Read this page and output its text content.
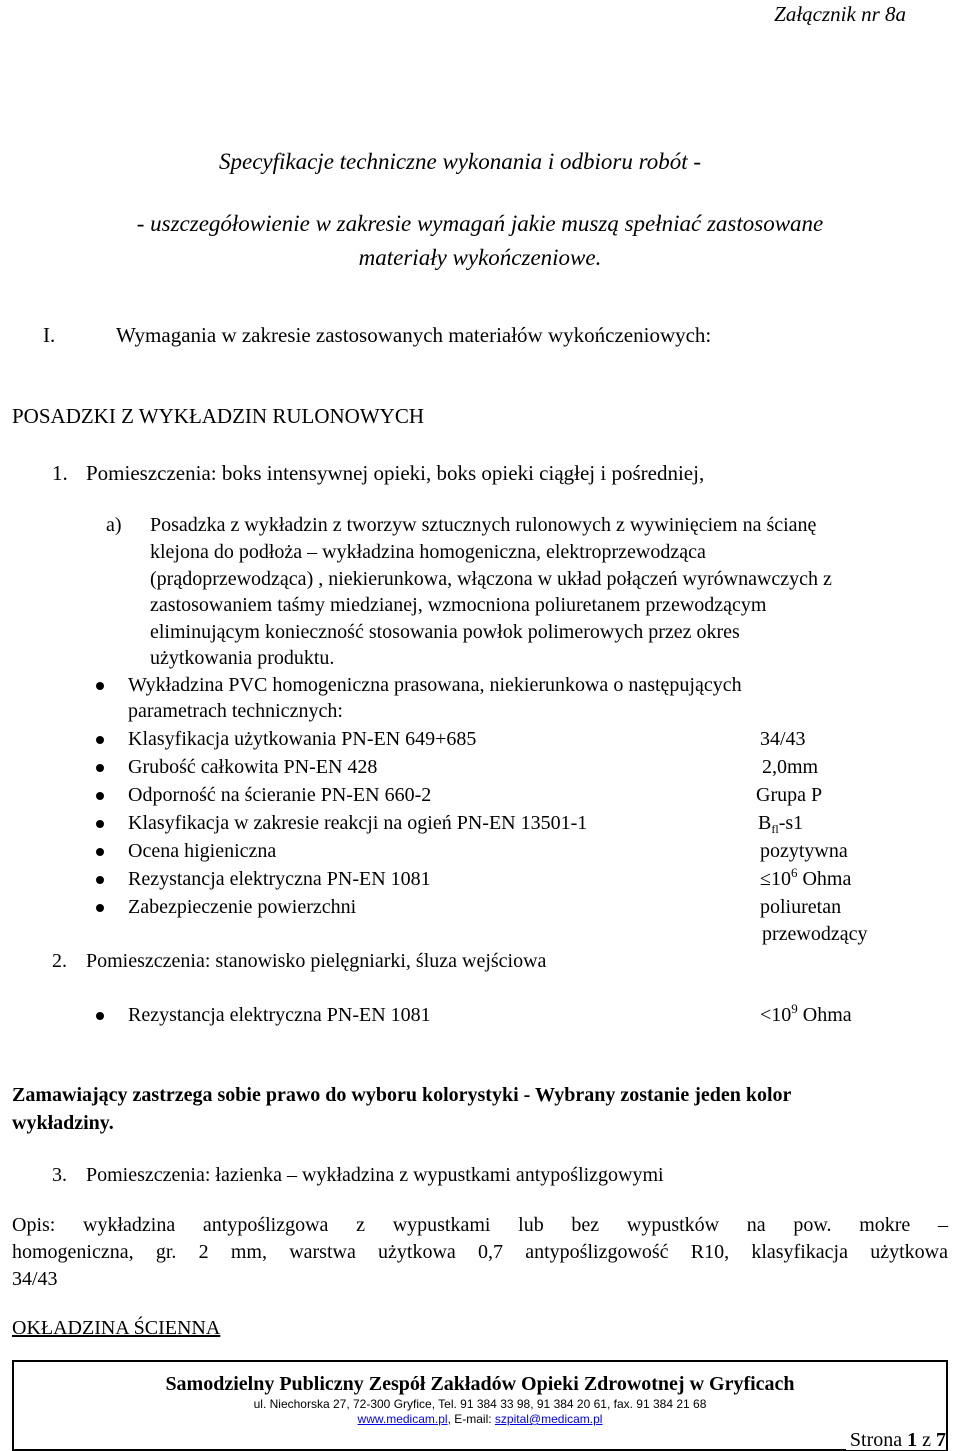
Załącznik nr 8a
Specyfikacje techniczne wykonania i odbioru robót -
- uszczegółowienie w zakresie wymagań jakie muszą spełniać zastosowane
materiały wykończeniowe.
I.	Wymagania w zakresie zastosowanych materiałów wykończeniowych:
POSADZKI Z WYKŁADZIN RULONOWYCH
1. Pomieszczenia: boks intensywnej opieki, boks opieki ciągłej i pośredniej,
a) Posadzka z wykładzin z tworzyw sztucznych rulonowych z wywinięciem na ścianę
klejona do podłoża – wykładzina homogeniczna, elektroprzewodząca
(prądoprzewodząca) , niekierunkowa, włączona w układ połączeń wyrównawczych z
zastosowaniem taśmy miedzianej, wzmocniona poliuretanem przewodzącym
eliminującym konieczność stosowania powłok polimerowych przez okres
użytkowania produktu.
Wykładzina PVC homogeniczna prasowana, niekierunkowa o następujących
parametrach technicznych:
Klasyfikacja użytkowania PN-EN 649+685	34/43
Grubość całkowita PN-EN 428	2,0mm
Odporność na ścieranie PN-EN 660-2	Grupa P
Klasyfikacja w zakresie reakcji na ogień PN-EN 13501-1	$B_{fl}-s1$
Ocena higieniczna	pozytywna
Rezystancja elektryczna PN-EN 1081	$\le 10^6$ Ohma
Zabezpieczenie powierzchni	poliuretan
przewodzący
2. Pomieszczenia: stanowisko pielęgniarki, śluza wejściowa
Rezystancja elektryczna PN-EN 1081	$<10^9$ Ohma
Zamawiający zastrzega sobie prawo do wyboru kolorystyki - Wybrany zostanie jeden kolor
wykładziny.
3. Pomieszczenia: łazienka – wykładzina z wypustkami antypoślizgowymi
Opis: wykładzina antypoślizgowa z wypustkami lub bez wypustków na pow. mokre –
homogeniczna, gr. 2 mm, warstwa użytkowa 0,7 antypoślizgowość R10, klasyfikacja użytkowa
34/43
OKŁADZINA ŚCIENNA
Samodzielny Publiczny Zespół Zakładów Opieki Zdrowotnej w Gryficach
ul. Niechorska 27, 72-300 Gryfice, Tel. 91 384 33 98, 91 384 20 61, fax. 91 384 21 68
www.medicam.pl, E-mail: szpital@medicam.pl
Strona 1 z 7
